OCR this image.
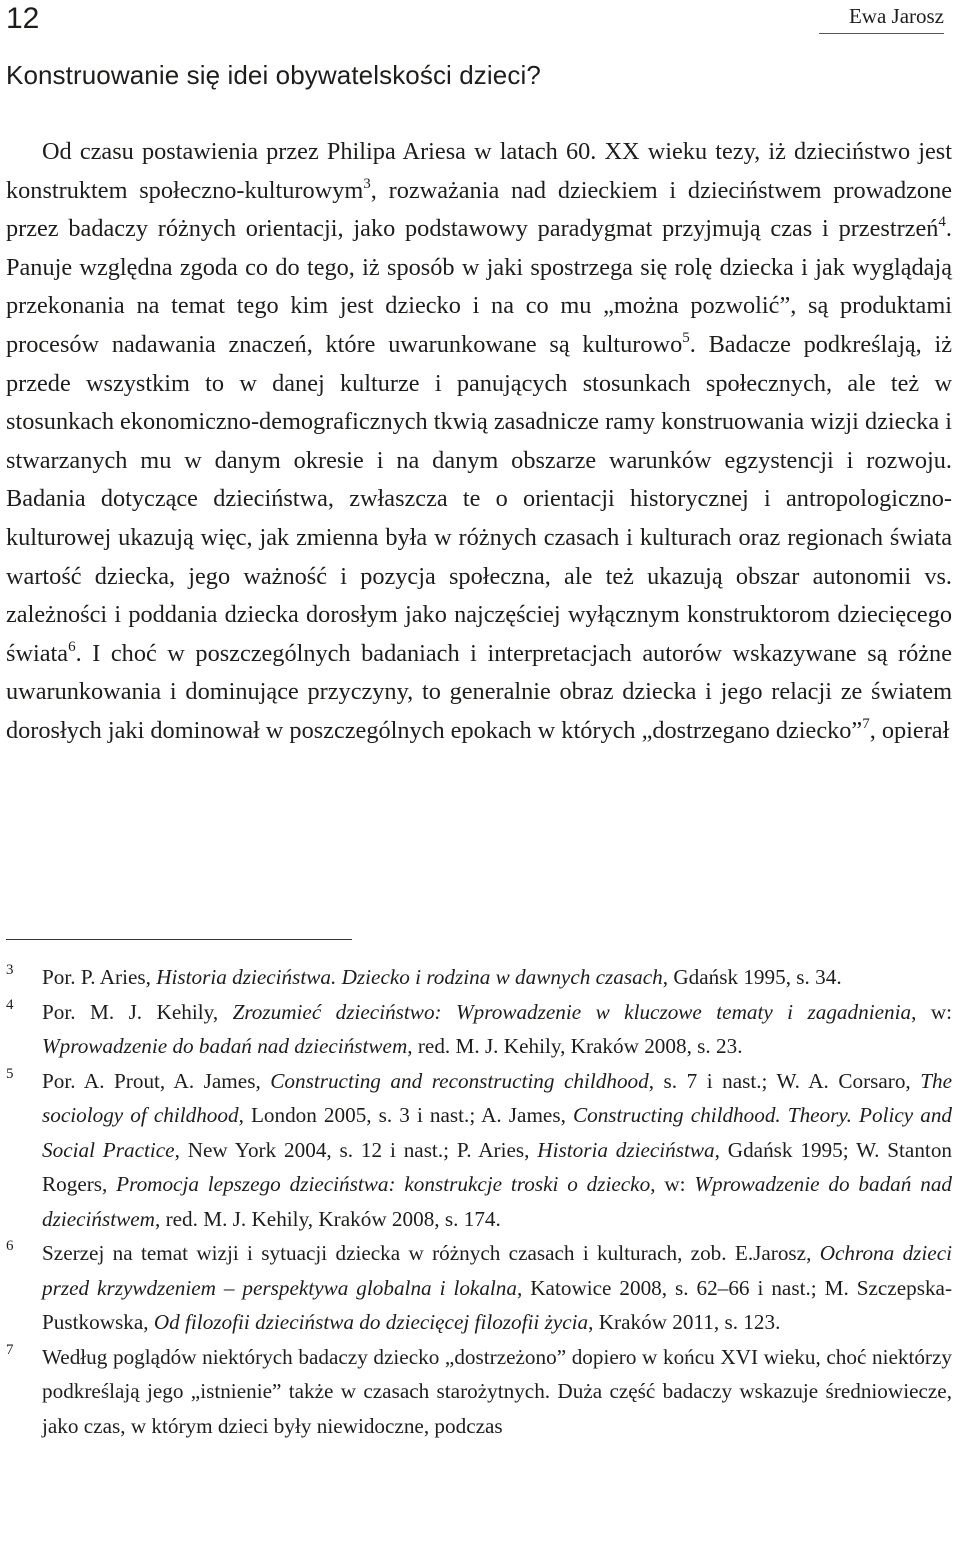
12	Ewa Jarosz
Konstruowanie się idei obywatelskości dzieci?

Od czasu postawienia przez Philipa Ariesa w latach 60. XX wieku tezy, iż dzieciństwo jest konstruktem społeczno-kulturowym$^3$, rozważania nad dzieckiem i dzieciństwem prowadzone przez badaczy różnych orientacji, jako podstawowy paradygmat przyjmują czas i przestrzeń$^4$. Panuje względna zgoda co do tego, iż sposób w jaki spostrzega się rolę dziecka i jak wyglądają przekonania na temat tego kim jest dziecko i na co mu „można pozwolić”, są produktami procesów nadawania znaczeń, które uwarunkowane są kulturowo$^5$. Badacze podkreślają, iż przede wszystkim to w danej kulturze i panujących stosunkach społecznych, ale też w stosunkach ekonomiczno-demograficznych tkwią zasadnicze ramy konstruowania wizji dziecka i stwarzanych mu w danym okresie i na danym obszarze warunków egzystencji i rozwoju. Badania dotyczące dzieciństwa, zwłaszcza te o orientacji historycznej i antropologiczno-kulturowej ukazują więc, jak zmienna była w różnych czasach i kulturach oraz regionach świata wartość dziecka, jego ważność i pozycja społeczna, ale też ukazują obszar autonomii vs. zależności i poddania dziecka dorosłym jako najczęściej wyłącznym konstruktorom dziecięcego świata$^6$. I choć w poszczególnych badaniach i interpretacjach autorów wskazywane są różne uwarunkowania i dominujące przyczyny, to generalnie obraz dziecka i jego relacji ze światem dorosłych jaki dominował w poszczególnych epokach w których „dostrzegano dziecko”$^7$, opierał

3 Por. P. Aries, Historia dzieciństwa. Dziecko i rodzina w dawnych czasach, Gdańsk 1995, s. 34.

4 Por. M. J. Kehily, Zrozumieć dzieciństwo: Wprowadzenie w kluczowe tematy i zagadnienia, w: Wprowadzenie do badań nad dzieciństwem, red. M. J. Kehily, Kraków 2008, s. 23.

5 Por. A. Prout, A. James, Constructing and reconstructing childhood, s. 7 i nast.; W. A. Corsaro, The sociology of childhood, London 2005, s. 3 i nast.; A. James, Constructing childhood. Theory. Policy and Social Practice, New York 2004, s. 12 i nast.; P. Aries, Historia dzieciństwa, Gdańsk 1995; W. Stanton Rogers, Promocja lepszego dzieciństwa: konstrukcje troski o dziecko, w: Wprowadzenie do badań nad dzieciństwem, red. M. J. Kehily, Kraków 2008, s. 174.

6 Szerzej na temat wizji i sytuacji dziecka w różnych czasach i kulturach, zob. E.Jarosz, Ochrona dzieci przed krzywdzeniem – perspektywa globalna i lokalna, Katowice 2008, s. 62–66 i nast.; M. Szczepska-Pustkowska, Od filozofii dzieciństwa do dziecięcej filozofii życia, Kraków 2011, s. 123.

7 Według poglądów niektórych badaczy dziecko „dostrzeżono” dopiero w końcu XVI wieku, choć niektórzy podkreślają jego „istnienie” także w czasach starożytnych. Duża część badaczy wskazuje średniowiecze, jako czas, w którym dzieci były niewidoczne, podczas
